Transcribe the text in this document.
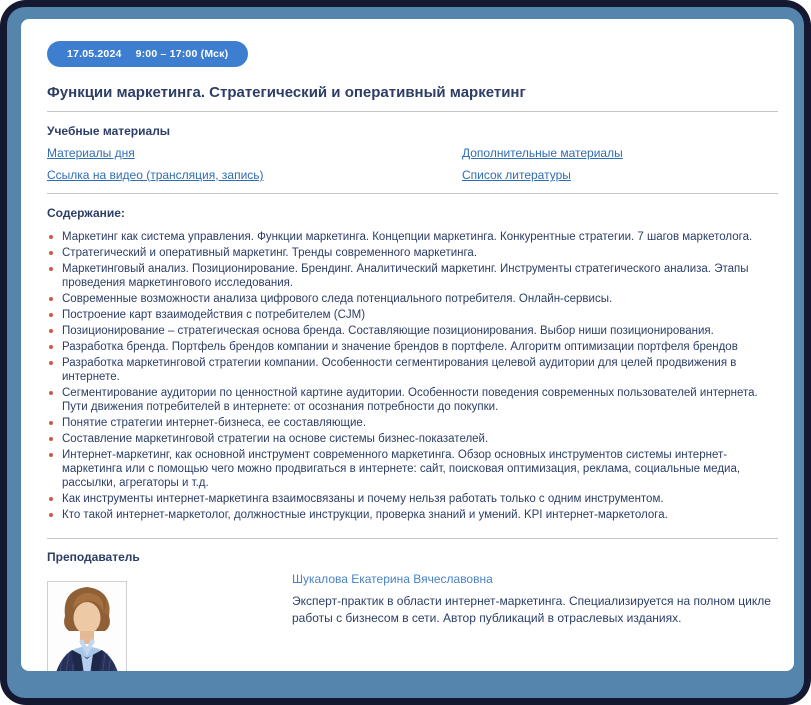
17.05.2024 9:00 – 17:00 (Мск)
Функции маркетинга. Стратегический и оперативный маркетинг
Учебные материалы
Материалы дня	Дополнительные материалы
Ссылка на видео (трансляция, запись)	Список литературы
Содержание:
Маркетинг как система управления. Функции маркетинга. Концепции маркетинга. Конкурентные стратегии. 7 шагов маркетолога.
Стратегический и оперативный маркетинг. Тренды современного маркетинга.
Маркетинговый анализ. Позиционирование. Брендинг. Аналитический маркетинг. Инструменты стратегического анализа. Этапы проведения маркетингового исследования.
Современные возможности анализа цифрового следа потенциального потребителя. Онлайн-сервисы.
Построение карт взаимодействия с потребителем (CJM)
Позиционирование – стратегическая основа бренда. Составляющие позиционирования. Выбор ниши позиционирования.
Разработка бренда. Портфель брендов компании и значение брендов в портфеле. Алгоритм оптимизации портфеля брендов
Разработка маркетинговой стратегии компании. Особенности сегментирования целевой аудитории для целей продвижения в интернете.
Сегментирование аудитории по ценностной картине аудитории. Особенности поведения современных пользователей интернета. Пути движения потребителей в интернете: от осознания потребности до покупки.
Понятие стратегии интернет-бизнеса, ее составляющие.
Составление маркетинговой стратегии на основе системы бизнес-показателей.
Интернет-маркетинг, как основной инструмент современного маркетинга. Обзор основных инструментов системы интернет-маркетинга или с помощью чего можно продвигаться в интернете: сайт, поисковая оптимизация, реклама, социальные медиа, рассылки, агрегаторы и т.д.
Как инструменты интернет-маркетинга взаимосвязаны и почему нельзя работать только с одним инструментом.
Кто такой интернет-маркетолог, должностные инструкции, проверка знаний и умений. KPI интернет-маркетолога.
Преподаватель
Шукалова Екатерина Вячеславовна
Эксперт-практик в области интернет-маркетинга. Специализируется на полном цикле работы с бизнесом в сети. Автор публикаций в отраслевых изданиях.
